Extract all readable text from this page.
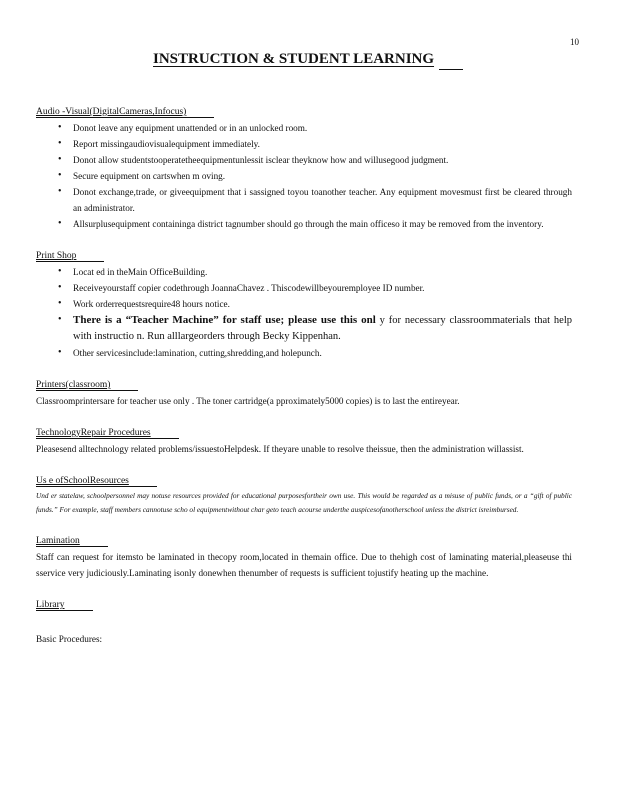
10
INSTRUCTION & STUDENT LEARNING
Audio -Visual(DigitalCameras,Infocus)
• Donot leave any equipment unattended or in an unlocked room.
• Report missingaudiovisualequipment immediately.
• Donot allow studentstooperatetheequipmentunlessit isclear theyknow how and willusegood judgment.
• Secure equipment on cartswhen m oving.
• Donot exchange,trade, or giveequipment that i sassigned toyou toanother teacher. Any equipment movesmust first be cleared through an administrator.
• Allsurplusequipment containinga district tagnumber should go through the main officeso it may be removed from the inventory.
Print Shop
• Locat ed in theMain OfficeBuilding.
• Receiveyourstaff copier codethrough JoannaChavez . Thiscodewillbeyouremployee ID number.
• Work orderrequestsrequire48 hours notice.
• There is a “Teacher Machine” for staff use; please use this onl y for necessary classroommaterials that help with instructio n. Run alllargeorders through Becky Kippenhan.
• Other servicesinclude:lamination, cutting,shredding,and holepunch.
Printers(classroom)

Classroomprintersare for teacher use only . The toner cartridge(a pproximately5000 copies) is to last the entireyear.

TechnologyRepair Procedures

Pleasesend alltechnology related problems/issuestoHelpdesk. If theyare unable to resolve theissue, then the administration willassist.

Us e ofSchoolResources

Und er statelaw, schoolpersonnel may notuse resources provided for educational purposesfortheir own use. This would be regarded as a misuse of public funds, or a “gift of public funds.” For example, staff members cannotuse scho ol equipmentwithout char geto teach acourse underthe auspicesofanotherschool unless the district isreimbursed.

Lamination

Staff can request for itemsto be laminated in thecopy room,located in themain office. Due to thehigh cost of laminating material,pleaseuse thi sservice very judiciously.Laminating isonly donewhen thenumber of requests is sufficient tojustify heating up the machine.

Library

Basic Procedures:
